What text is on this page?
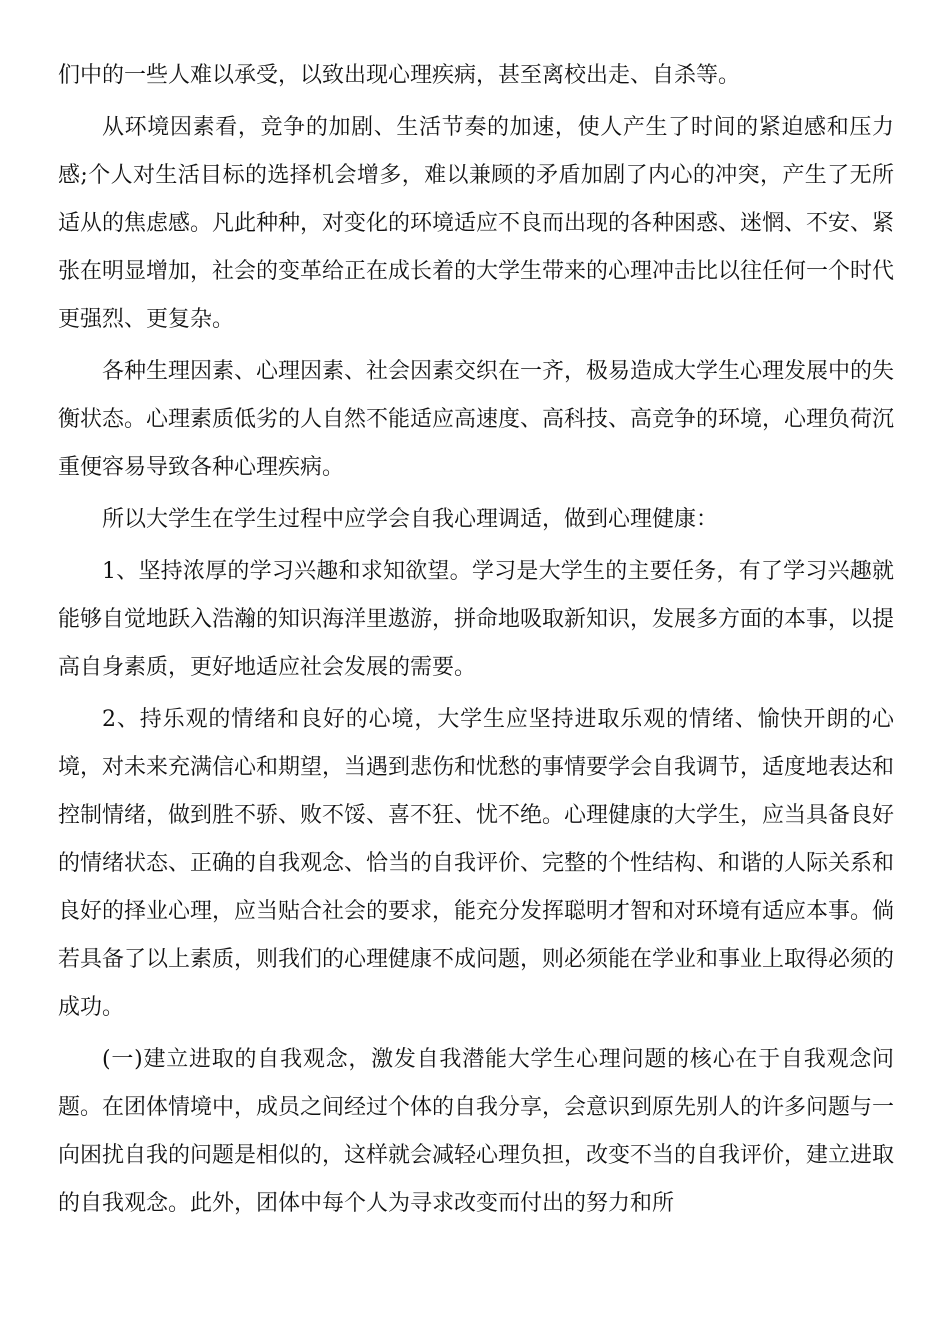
们中的一些人难以承受，以致出现心理疾病，甚至离校出走、自杀等。

从环境因素看，竞争的加剧、生活节奏的加速，使人产生了时间的紧迫感和压力感;个人对生活目标的选择机会增多，难以兼顾的矛盾加剧了内心的冲突，产生了无所适从的焦虑感。凡此种种，对变化的环境适应不良而出现的各种困惑、迷惘、不安、紧张在明显增加，社会的变革给正在成长着的大学生带来的心理冲击比以往任何一个时代更强烈、更复杂。

各种生理因素、心理因素、社会因素交织在一齐，极易造成大学生心理发展中的失衡状态。心理素质低劣的人自然不能适应高速度、高科技、高竞争的环境，心理负荷沉重便容易导致各种心理疾病。

所以大学生在学生过程中应学会自我心理调适，做到心理健康：

1、坚持浓厚的学习兴趣和求知欲望。学习是大学生的主要任务，有了学习兴趣就能够自觉地跃入浩瀚的知识海洋里遨游，拼命地吸取新知识，发展多方面的本事，以提高自身素质，更好地适应社会发展的需要。

2、持乐观的情绪和良好的心境，大学生应坚持进取乐观的情绪、愉快开朗的心境，对未来充满信心和期望，当遇到悲伤和忧愁的事情要学会自我调节，适度地表达和控制情绪，做到胜不骄、败不馁、喜不狂、忧不绝。心理健康的大学生，应当具备良好的情绪状态、正确的自我观念、恰当的自我评价、完整的个性结构、和谐的人际关系和良好的择业心理，应当贴合社会的要求，能充分发挥聪明才智和对环境有适应本事。倘若具备了以上素质，则我们的心理健康不成问题，则必须能在学业和事业上取得必须的成功。

(一)建立进取的自我观念，激发自我潜能大学生心理问题的核心在于自我观念问题。在团体情境中，成员之间经过个体的自我分享，会意识到原先别人的许多问题与一向困扰自我的问题是相似的，这样就会减轻心理负担，改变不当的自我评价，建立进取的自我观念。此外，团体中每个人为寻求改变而付出的努力和所
